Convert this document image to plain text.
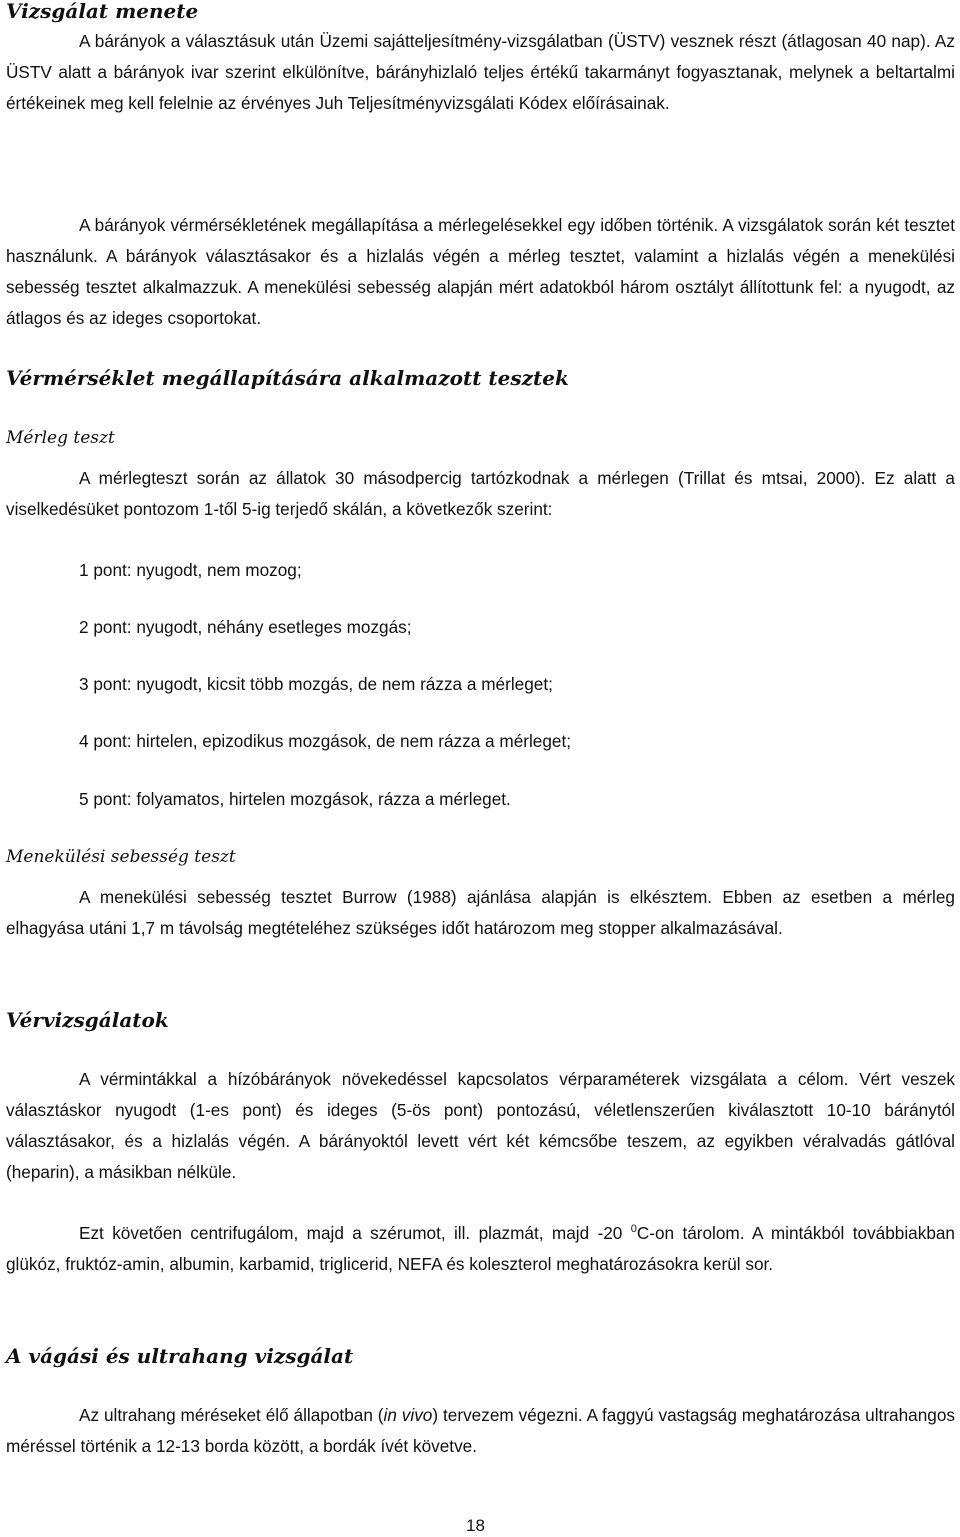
Vizsgálat menete

A bárányok a választásuk után Üzemi sajátteljesítmény-vizsgálatban (ÜSTV) vesznek részt (átlagosan 40 nap). Az ÜSTV alatt a bárányok ivar szerint elkülönítve, bárányhizlaló teljes értékű takarmányt fogyasztanak, melynek a beltartalmi értékeinek meg kell felelnie az érvényes Juh Teljesítményvizsgálati Kódex előírásainak.

A bárányok vérmérsékletének megállapítása a mérlegelésekkel egy időben történik. A vizsgálatok során két tesztet használunk. A bárányok választásakor és a hizlalás végén a mérleg tesztet, valamint a hizlalás végén a menekülési sebesség tesztet alkalmazzuk. A menekülési sebesség alapján mért adatokból három osztályt állítottunk fel: a nyugodt, az átlagos és az ideges csoportokat.

Vérmérséklet megállapítására alkalmazott tesztek
Mérleg teszt

A mérlegteszt során az állatok 30 másodpercig tartózkodnak a mérlegen (Trillat és mtsai, 2000). Ez alatt a viselkedésüket pontozom 1-től 5-ig terjedő skálán, a következők szerint:

1 pont: nyugodt, nem mozog;

2 pont: nyugodt, néhány esetleges mozgás;

3 pont: nyugodt, kicsit több mozgás, de nem rázza a mérleget;

4 pont: hirtelen, epizodikus mozgások, de nem rázza a mérleget;

5 pont: folyamatos, hirtelen mozgások, rázza a mérleget.

Menekülési sebesség teszt

A menekülési sebesség tesztet Burrow (1988) ajánlása alapján is elkésztem. Ebben az esetben a mérleg elhagyása utáni 1,7 m távolság megtételéhez szükséges időt határozom meg stopper alkalmazásával.

Vérvizsgálatok

A vérmintákkal a hízóbárányok növekedéssel kapcsolatos vérparaméterek vizsgálata a célom. Vért veszek választáskor nyugodt (1-es pont) és ideges (5-ös pont) pontozású, véletlenszerűen kiválasztott 10-10 báránytól választásakor, és a hizlalás végén. A bárányoktól levett vért két kémcsőbe teszem, az egyikben véralvadás gátlóval (heparin), a másikban nélküle.

Ezt követően centrifugálom, majd a szérumot, ill. plazmát, majd -20 $^0$C-on tárolom. A mintákból továbbiakban glükóz, fruktóz-amin, albumin, karbamid, triglicerid, NEFA és koleszterol meghatározásokra kerül sor.

A vágási és ultrahang vizsgálat

Az ultrahang méréseket élő állapotban (in vivo) tervezem végezni. A faggyú vastagság meghatározása ultrahangos méréssel történik a 12-13 borda között, a bordák ívét követve.

18
